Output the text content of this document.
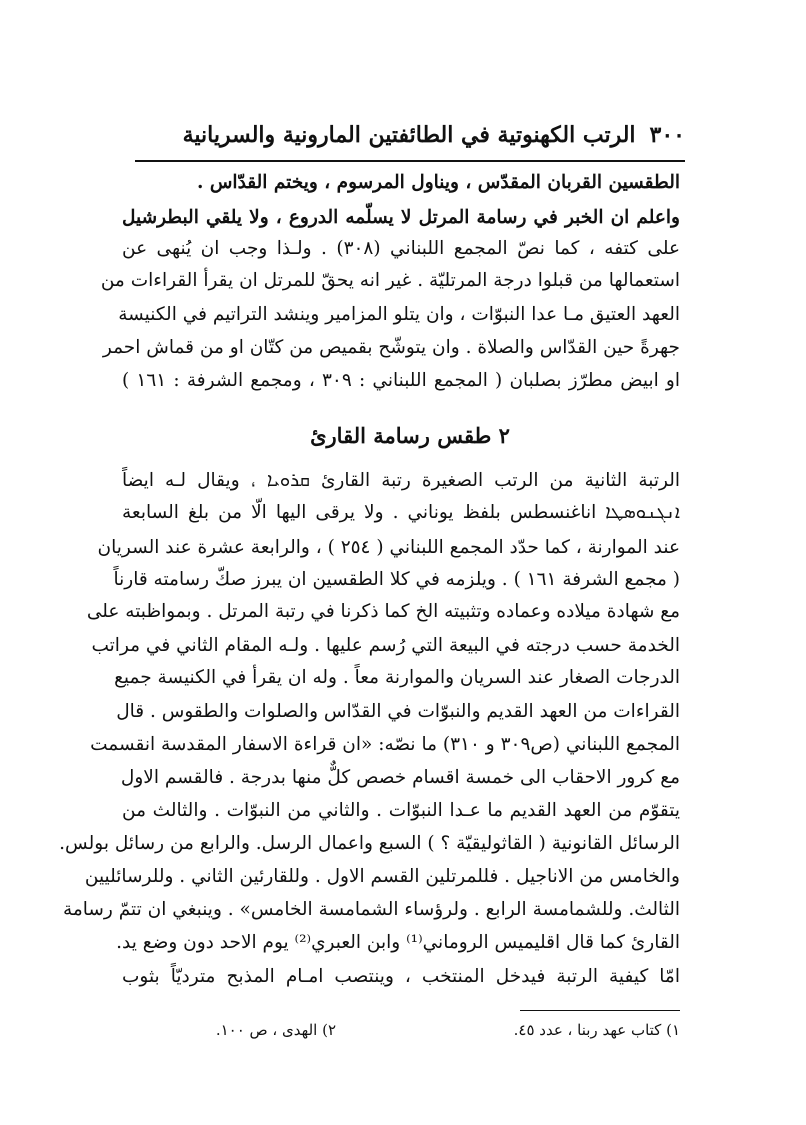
٣٠٠
الرتب الكهنوتية في الطائفتين المارونية والسريانية
الطقسين القربان المقدّس ، ويناول المرسوم ، ويختم القدّاس .
واعلم ان الخبر في رسامة المرتل لا يسلّمه الدروع ، ولا يلقي البطرشيل
على كتفه ، كما نصّ المجمع اللبناني (٣٠٨) . ولـذا وجب ان يُنهى عن
استعمالها من قبلوا درجة المرتليّة . غير انه يحقّ للمرتل ان يقرأ القراءات من
العهد العتيق مـا عدا النبوّات ، وان يتلو المزامير وينشد التراتيم في الكنيسة
جهرةً حين القدّاس والصلاة . وان يتوشّح بقميص من كتّان او من قماش احمر
او ابيض مطرّز بصلبان ( المجمع اللبناني : ٣٠٩ ، ومجمع الشرفة : ١٦١ )
٢ طقس رسامة القارئ
الرتبة الثانية من الرتب الصغيرة رتبة القارئ ܩܪܘܝܐ ، ويقال لـه ايضاً
ܐܢܓܢܘܣܛܐ اناغنسطس بلفظ يوناني . ولا يرقى اليها الّا من بلغ السابعة
عند الموارنة ، كما حدّد المجمع اللبناني ( ٢٥٤ ) ، والرابعة عشرة عند السريان
( مجمع الشرفة ١٦١ ) . ويلزمه في كلا الطقسين ان يبرز صكّ رسامته قارناً
مع شهادة ميلاده وعماده وتثبيته الخ كما ذكرنا في رتبة المرتل . وبمواظبته على
الخدمة حسب درجته في البيعة التي رُسم عليها . ولـه المقام الثاني في مراتب
الدرجات الصغار عند السريان والموارنة معاً . وله ان يقرأ في الكنيسة جميع
القراءات من العهد القديم والنبوّات في القدّاس والصلوات والطقوس . قال
المجمع اللبناني (ص٣٠٩ و ٣١٠) ما نصّه: «ان قراءة الاسفار المقدسة انقسمت
مع كرور الاحقاب الى خمسة اقسام خصص كلٌّ منها بدرجة . فالقسم الاول
يتقوّم من العهد القديم ما عـدا النبوّات . والثاني من النبوّات . والثالث من
الرسائل القانونية ( القاثوليقيّة ؟ ) السبع واعمال الرسل. والرابع من رسائل بولس.
والخامس من الاناجيل . فللمرتلين القسم الاول . وللقارئين الثاني . وللرسائليين
الثالث. وللشمامسة الرابع . ولرؤساء الشمامسة الخامس» . وينبغي ان تتمّ رسامة
القارئ كما قال اقليميس الروماني⁽¹⁾ وابن العبري⁽²⁾ يوم الاحد دون وضع يد.
امّا كيفية الرتبة فيدخل المنتخب ، وينتصب امـام المذبح مترديّاً بثوب
١) كتاب عهد ربنا ، عدد ٤٥.
٢) الهدى ، ص ١٠٠.
